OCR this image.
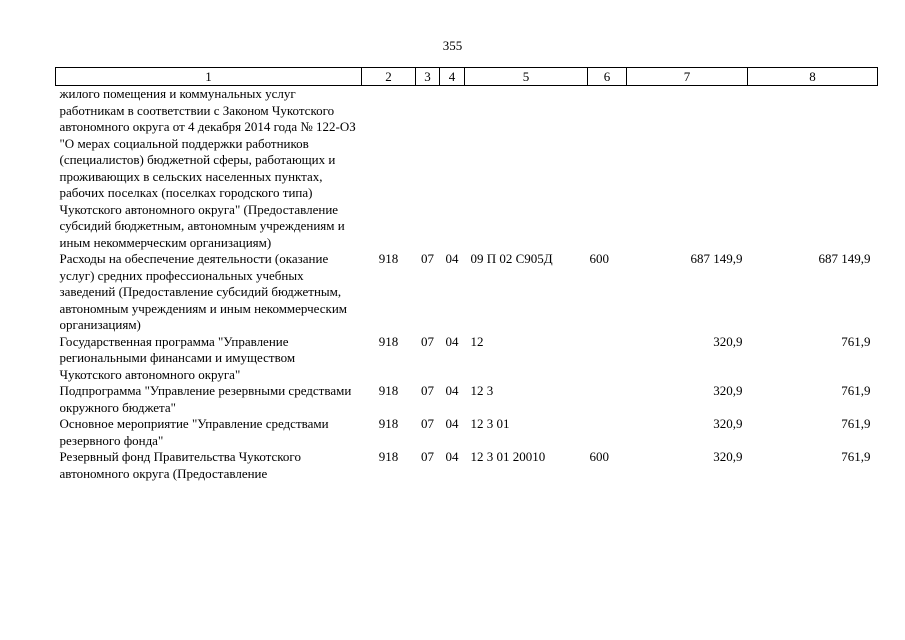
355
1	2	3	4	5	6	7	8
жилого помещения и коммунальных услуг работникам в соответствии с Законом Чукотского автономного округа от 4 декабря 2014 года № 122-ОЗ "О мерах социальной поддержки работников (специалистов) бюджетной сферы, работающих и проживающих в сельских населенных пунктах, рабочих поселках (поселках городского типа) Чукотского автономного округа" (Предоставление субсидий бюджетным, автономным учреждениям и иным некоммерческим организациям)							
Расходы на обеспечение деятельности (оказание услуг) средних профессиональных учебных заведений (Предоставление субсидий бюджетным, автономным учреждениям и иным некоммерческим организациям)	918	07	04	09 П 02 С905Д	600	687 149,9	687 149,9
Государственная программа "Управление региональными финансами и имуществом Чукотского автономного округа"	918	07	04	12		320,9	761,9
Подпрограмма "Управление резервными средствами окружного бюджета"	918	07	04	12 3		320,9	761,9
Основное мероприятие "Управление средствами резервного фонда"	918	07	04	12 3 01		320,9	761,9
Резервный фонд Правительства Чукотского автономного округа (Предоставление	918	07	04	12 3 01 20010	600	320,9	761,9
